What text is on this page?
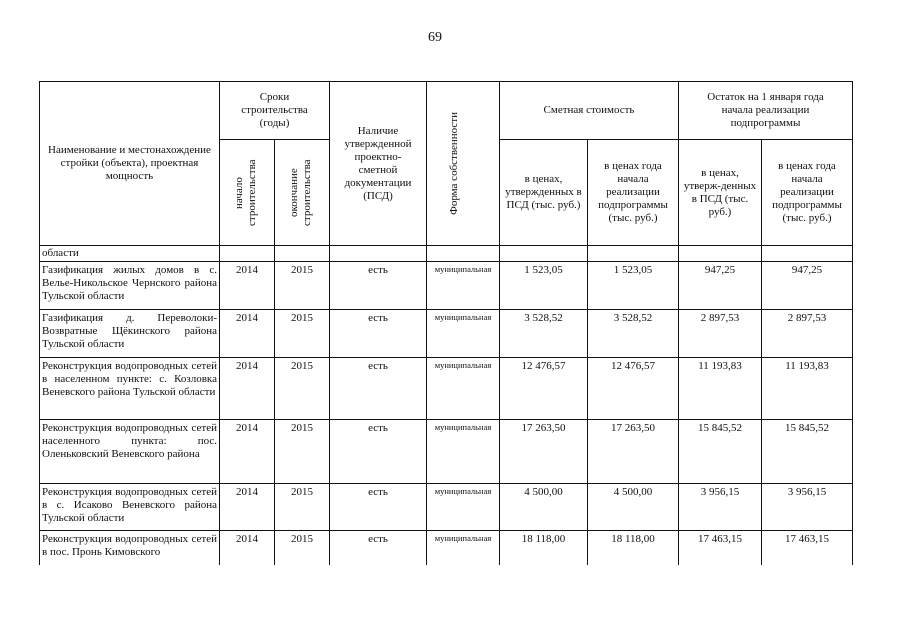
69
Наименование и местонахождение стройки (объекта), проектная мощность	Сроки строительства (годы)		Наличие утвержденной проектно-сметной документации (ПСД)	Форма собственности	Сметная стоимость		Остаток на 1 января года начала реализации подпрограммы	

	начало строительства	окончание строительства			в ценах, утвержденных в ПСД (тыс. руб.)	в ценах года начала реализации подпрограммы (тыс. руб.)	в ценах, утверж-денных в ПСД (тыс. руб.)	в ценах года начала реализации подпрограммы (тыс. руб.)
области								
Газификация жилых домов в с. Велье-Никольское Чернского района Тульской области	2014	2015	есть	муниципальная	1 523,05	1 523,05	947,25	947,25
Газификация д. Переволоки-Возвратные Щёкинского района Тульской области	2014	2015	есть	муниципальная	3 528,52	3 528,52	2 897,53	2 897,53
Реконструкция водопроводных сетей в населенном пункте: с. Козловка Веневского района Тульской области	2014	2015	есть	муниципальная	12 476,57	12 476,57	11 193,83	11 193,83
Реконструкция водопроводных сетей населенного пункта: пос. Оленьковский Веневского района	2014	2015	есть	муниципальная	17 263,50	17 263,50	15 845,52	15 845,52
Реконструкция водопроводных сетей в с. Исаково Веневского района Тульской области	2014	2015	есть	муниципальная	4 500,00	4 500,00	3 956,15	3 956,15
Реконструкция водопроводных сетей в пос. Пронь Кимовского	2014	2015	есть	муниципальная	18 118,00	18 118,00	17 463,15	17 463,15
